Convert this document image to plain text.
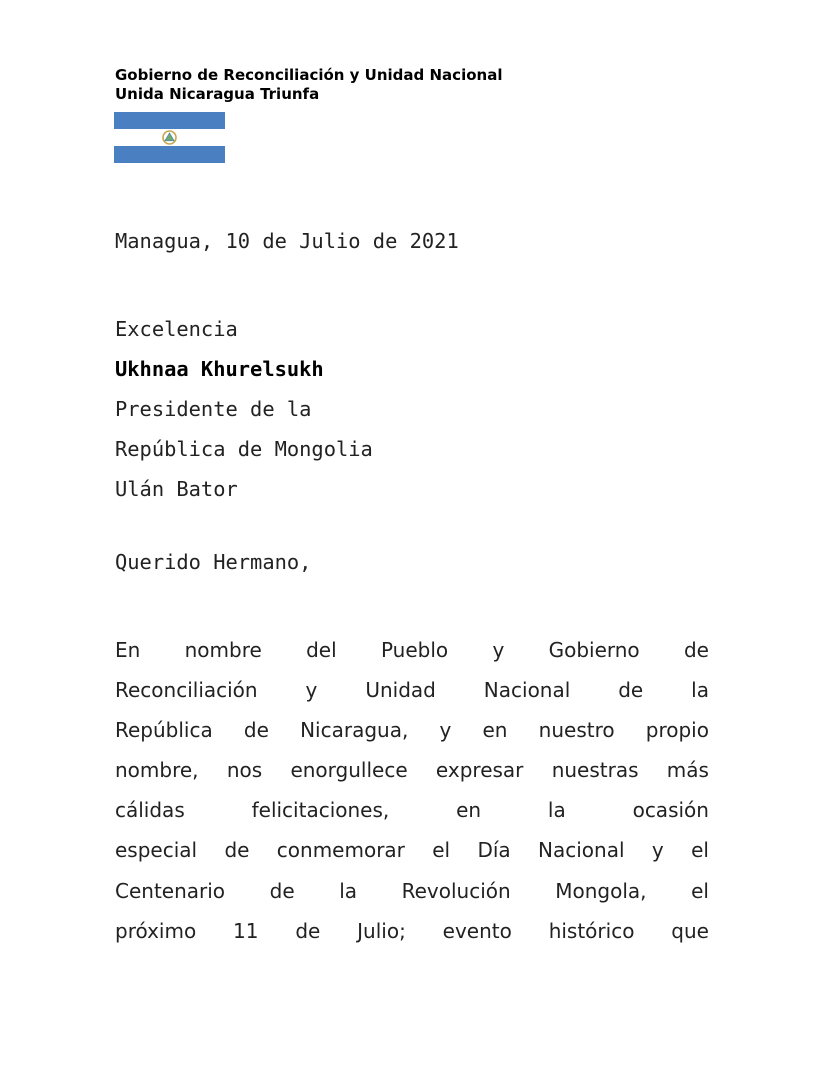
Gobierno de Reconciliación y Unidad Nacional
Unida Nicaragua Triunfa
Managua, 10 de Julio de 2021
Excelencia
Ukhnaa Khurelsukh
Presidente de la
República de Mongolia
Ulán Bator
Querido Hermano,
En nombre del Pueblo y Gobierno de
Reconciliación y Unidad Nacional de la
República de Nicaragua, y en nuestro propio
nombre, nos enorgullece expresar nuestras más
cálidas	felicitaciones,	en	la	ocasión
especial de conmemorar el Día Nacional y el
Centenario de la Revolución Mongola, el
próximo 11 de Julio; evento histórico que
